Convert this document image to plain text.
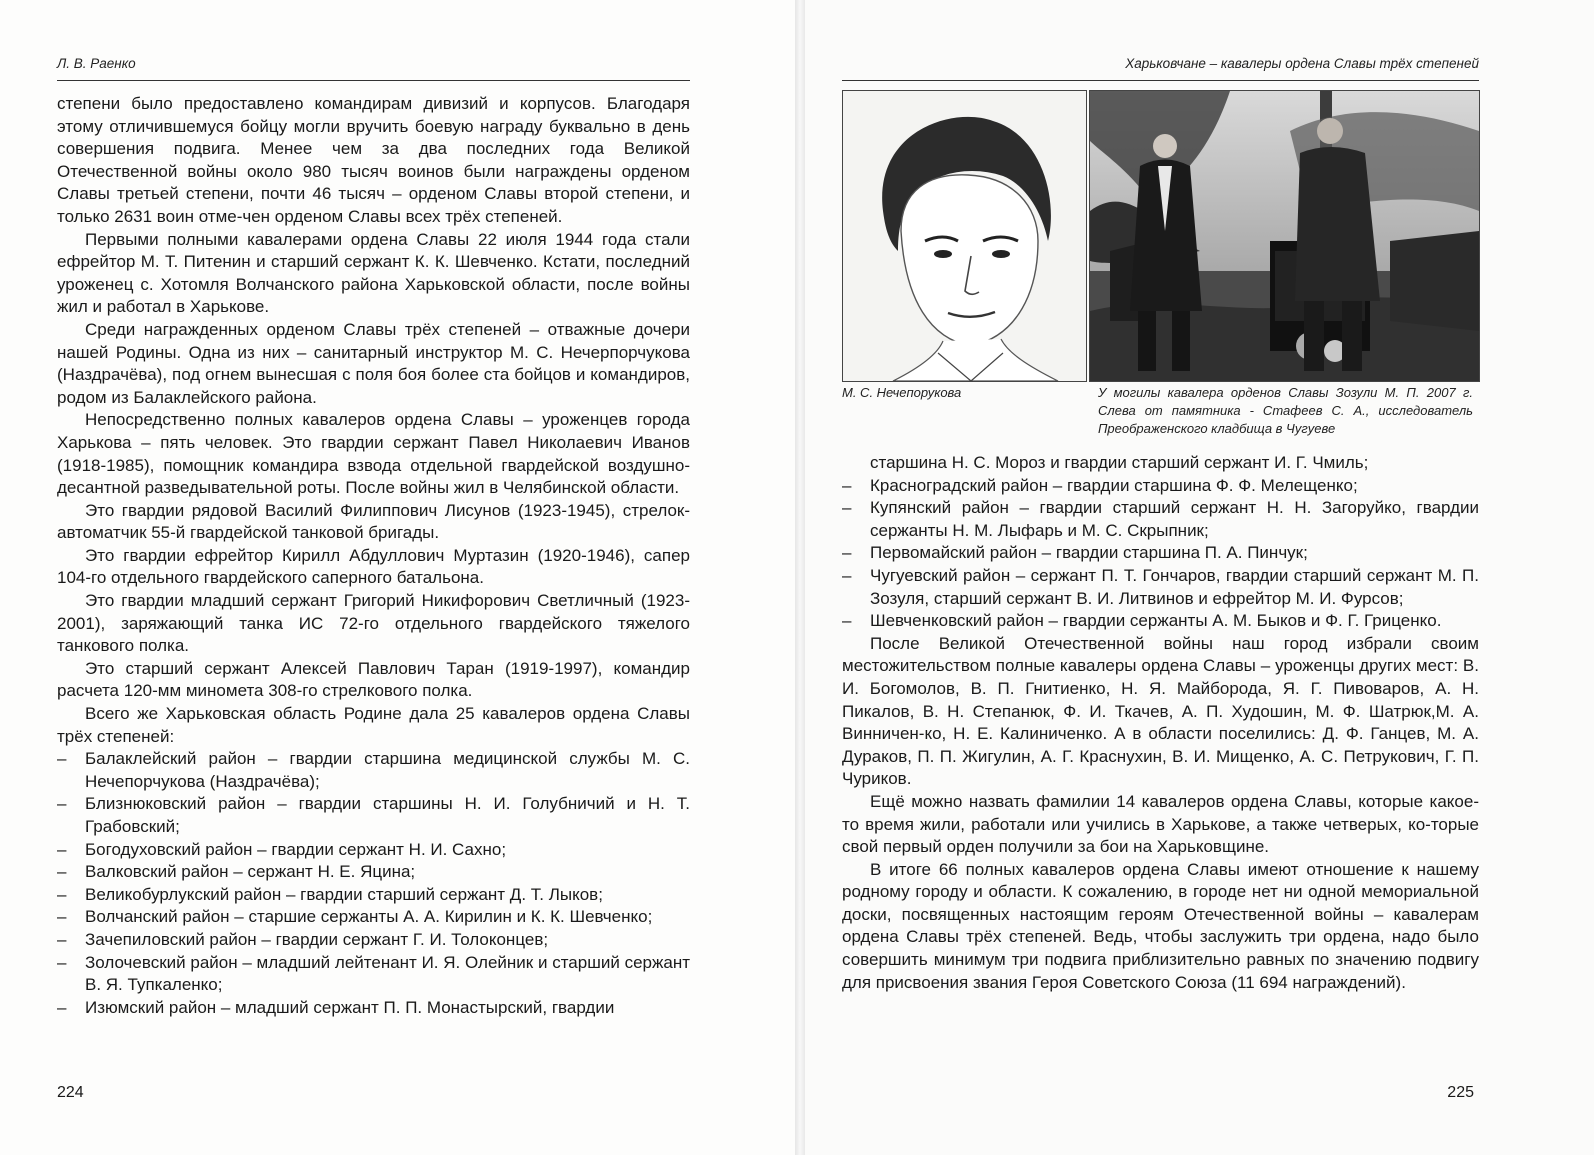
Л. В. Раенко

степени было предоставлено командирам дивизий и корпусов. Благодаря этому отличившемуся бойцу могли вручить боевую награду буквально в день совершения подвига. Менее чем за два последних года Великой Отечественной войны около 980 тысяч воинов были награждены орденом Славы третьей степени, почти 46 тысяч – орденом Славы второй степени, и только 2631 воин отме-чен орденом Славы всех трёх степеней.

Первыми полными кавалерами ордена Славы 22 июля 1944 года стали ефрейтор М. Т. Питенин и старший сержант К. К. Шевченко. Кстати, последний уроженец с. Хотомля Волчанского района Харьковской области, после войны жил и работал в Харькове.

Среди награжденных орденом Славы трёх степеней – отважные дочери нашей Родины. Одна из них – санитарный инструктор М. С. Нечерпорчукова (Наздрачёва), под огнем вынесшая с поля боя более ста бойцов и командиров, родом из Балаклейского района.

Непосредственно полных кавалеров ордена Славы – уроженцев города Харькова – пять человек. Это гвардии сержант Павел Николаевич Иванов (1918-1985), помощник командира взвода отдельной гвардейской воздушно-десантной разведывательной роты. После войны жил в Челябинской области.

Это гвардии рядовой Василий Филиппович Лисунов (1923-1945), стрелок-автоматчик 55-й гвардейской танковой бригады.

Это гвардии ефрейтор Кирилл Абдуллович Муртазин (1920-1946), сапер 104-го отдельного гвардейского саперного батальона.

Это гвардии младший сержант Григорий Никифорович Светличный (1923-2001), заряжающий танка ИС 72-го отдельного гвардейского тяжелого танкового полка.

Это старший сержант Алексей Павлович Таран (1919-1997), командир расчета 120-мм миномета 308-го стрелкового полка.

Всего же Харьковская область Родине дала 25 кавалеров ордена Славы трёх степеней:

– Балаклейский район – гвардии старшина медицинской службы М. С. Нечепорчукова (Наздрачёва);
– Близнюковский район – гвардии старшины Н. И. Голубничий и Н. Т. Грабовский;
– Богодуховский район – гвардии сержант Н. И. Сахно;
– Валковский район – сержант Н. Е. Яцина;
– Великобурлукский район – гвардии старший сержант Д. Т. Лыков;
– Волчанский район – старшие сержанты А. А. Кирилин и К. К. Шевченко;
– Зачепиловский район – гвардии сержант Г. И. Толоконцев;
– Золочевский район – младший лейтенант И. Я. Олейник и старший сержант В. Я. Тупкаленко;
– Изюмский район – младший сержант П. П. Монастырский, гвардии
224
Харьковчане – кавалеры ордена Славы трёх степеней
М. С. Нечепорукова	У могилы кавалера орденов Славы Зозули М. П. 2007 г. Слева от памятника - Стафеев С. А., исследователь Преображенского кладбища в Чугуеве

старшина Н. С. Мороз и гвардии старший сержант И. Г. Чмиль;

– Красноградский район – гвардии старшина Ф. Ф. Мелещенко;
– Купянский район – гвардии старший сержант Н. Н. Загоруйко, гвардии сержанты Н. М. Лыфарь и М. С. Скрыпник;
– Первомайский район – гвардии старшина П. А. Пинчук;
– Чугуевский район – сержант П. Т. Гончаров, гвардии старший сержант М. П. Зозуля, старший сержант В. И. Литвинов и ефрейтор М. И. Фурсов;
– Шевченковский район – гвардии сержанты А. М. Быков и Ф. Г. Гриценко.

После Великой Отечественной войны наш город избрали своим местожительством полные кавалеры ордена Славы – уроженцы других мест: В. И. Богомолов, В. П. Гнитиенко, Н. Я. Майборода, Я. Г. Пивоваров, А. Н. Пикалов, В. Н. Степанюк, Ф. И. Ткачев, А. П. Худошин, М. Ф. Шатрюк,М. А. Винничен-ко, Н. Е. Калиниченко. А в области поселились: Д. Ф. Ганцев, М. А. Дураков, П. П. Жигулин, А. Г. Краснухин, В. И. Мищенко, А. С. Петрукович, Г. П. Чуриков.

Ещё можно назвать фамилии 14 кавалеров ордена Славы, которые какое-то время жили, работали или учились в Харькове, а также четверых, ко-торые свой первый орден получили за бои на Харьковщине.

В итоге 66 полных кавалеров ордена Славы имеют отношение к нашему родному городу и области. К сожалению, в городе нет ни одной мемориальной доски, посвященных настоящим героям Отечественной войны – кавалерам ордена Славы трёх степеней. Ведь, чтобы заслужить три ордена, надо было совершить минимум три подвига приблизительно равных по значению подвигу для присвоения звания Героя Советского Союза (11 694 награждений).

225
